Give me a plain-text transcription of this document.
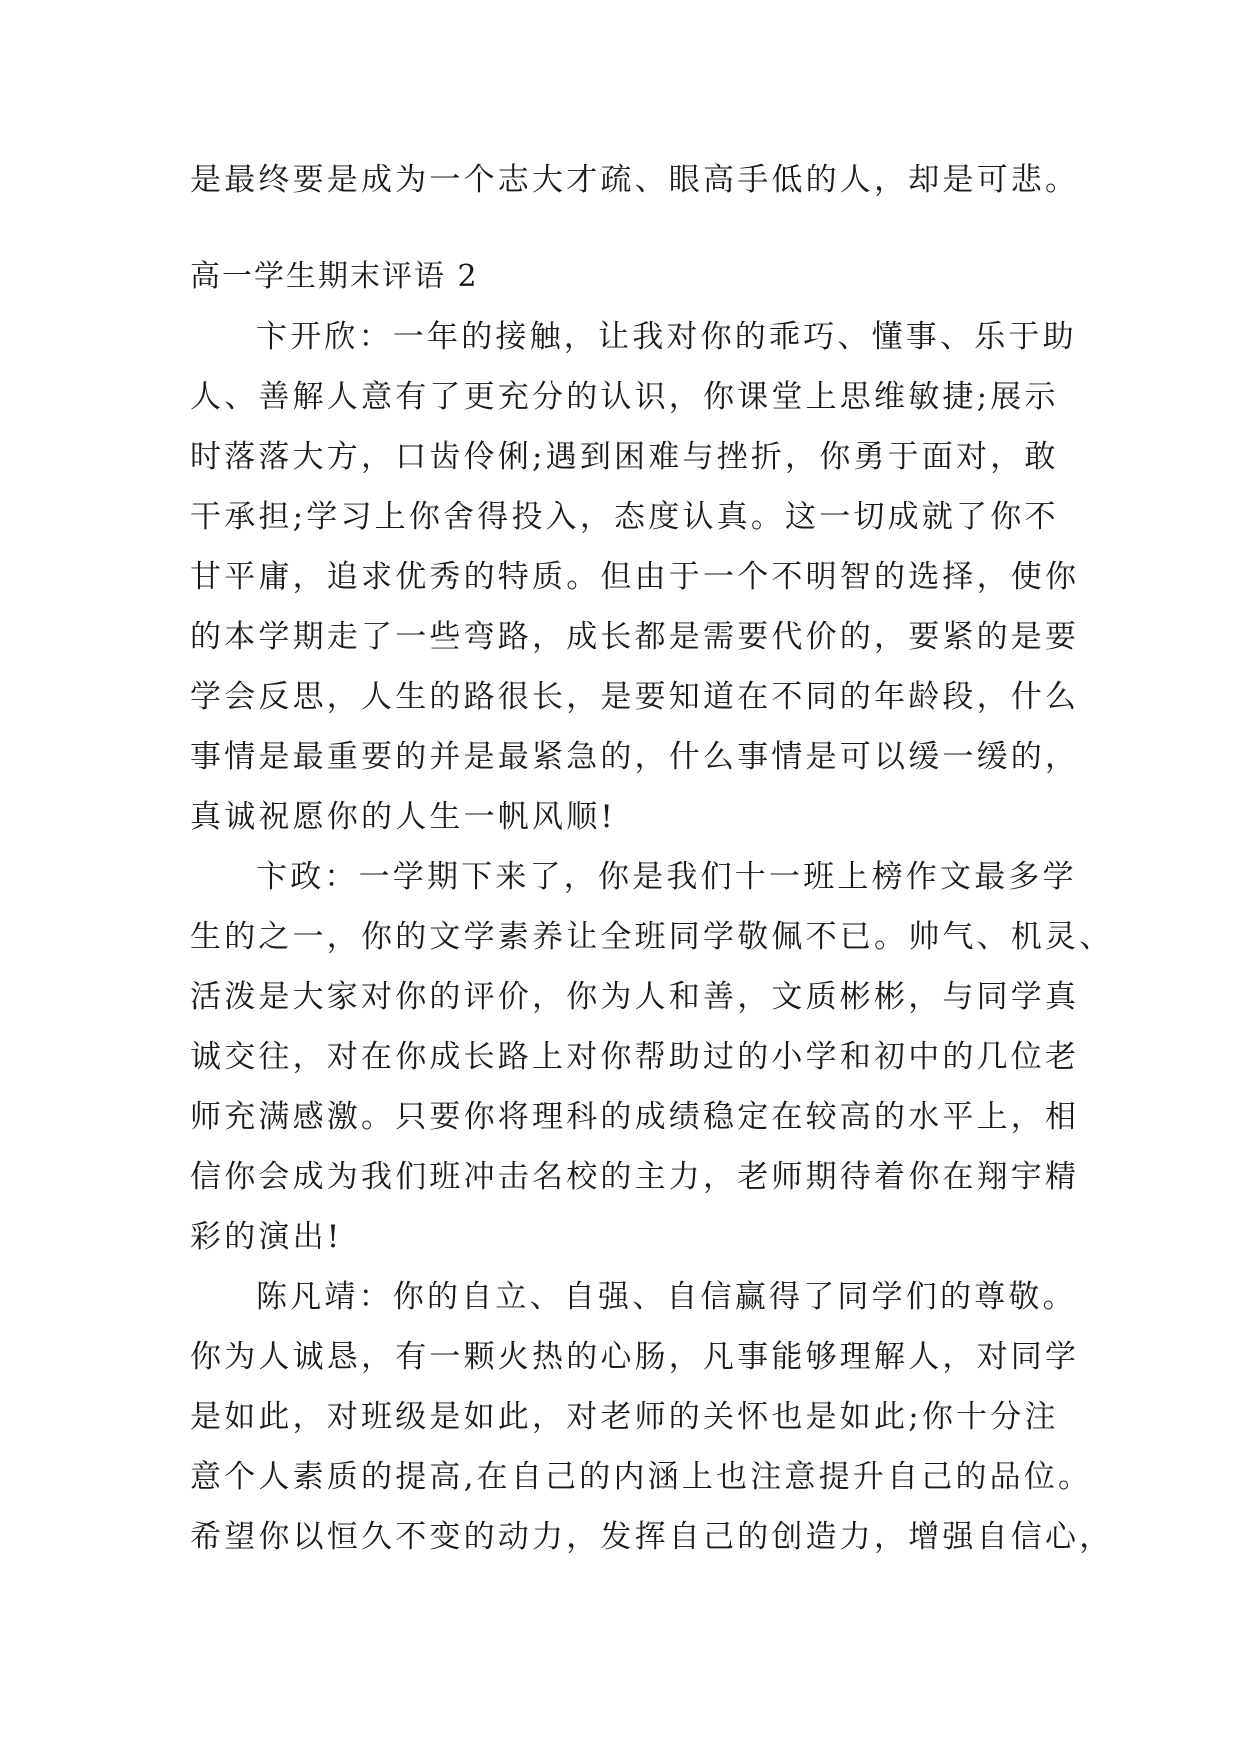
是最终要是成为一个志大才疏、眼高手低的人，却是可悲。
高一学生期末评语 2
卞开欣：一年的接触，让我对你的乖巧、懂事、乐于助
人、善解人意有了更充分的认识，你课堂上思维敏捷;展示
时落落大方，口齿伶俐;遇到困难与挫折，你勇于面对，敢
干承担;学习上你舍得投入，态度认真。这一切成就了你不
甘平庸，追求优秀的特质。但由于一个不明智的选择，使你
的本学期走了一些弯路，成长都是需要代价的，要紧的是要
学会反思，人生的路很长，是要知道在不同的年龄段，什么
事情是最重要的并是最紧急的，什么事情是可以缓一缓的，
真诚祝愿你的人生一帆风顺!
卞政：一学期下来了，你是我们十一班上榜作文最多学
生的之一，你的文学素养让全班同学敬佩不已。帅气、机灵、
活泼是大家对你的评价，你为人和善，文质彬彬，与同学真
诚交往，对在你成长路上对你帮助过的小学和初中的几位老
师充满感激。只要你将理科的成绩稳定在较高的水平上，相
信你会成为我们班冲击名校的主力，老师期待着你在翔宇精
彩的演出!
陈凡靖：你的自立、自强、自信赢得了同学们的尊敬。
你为人诚恳，有一颗火热的心肠，凡事能够理解人，对同学
是如此，对班级是如此，对老师的关怀也是如此;你十分注
意个人素质的提高,在自己的内涵上也注意提升自己的品位。
希望你以恒久不变的动力，发挥自己的创造力，增强自信心，
